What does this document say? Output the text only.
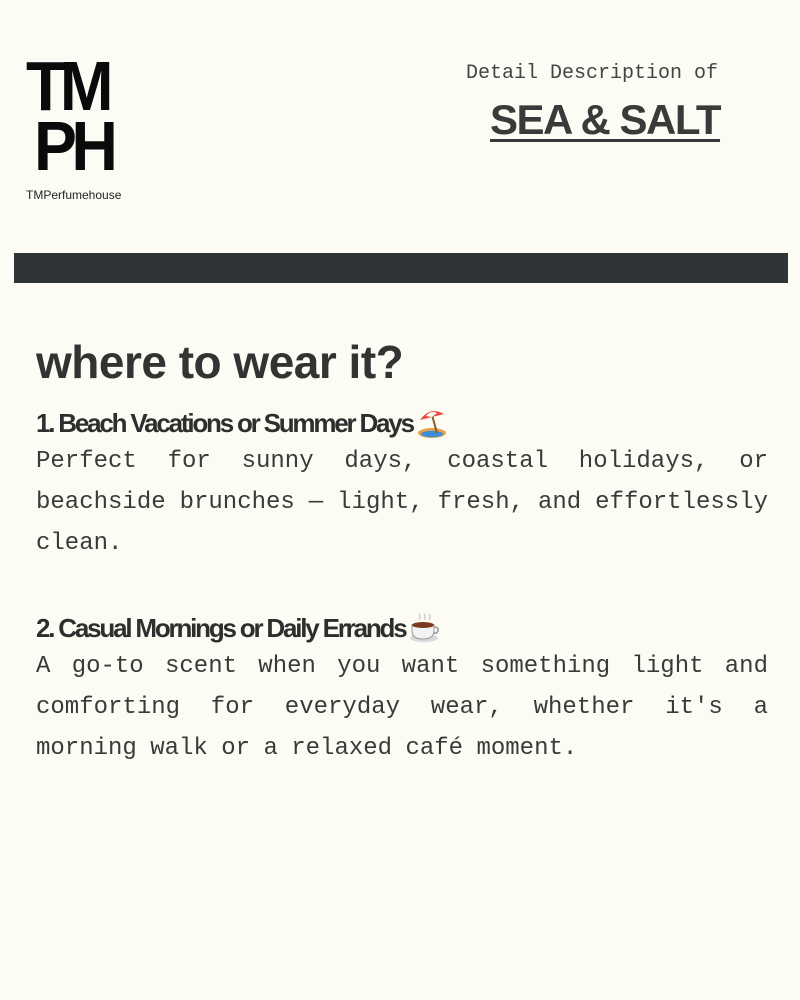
TM
PH
TMPerfumehouse
Detail Description of
SEA & SALT
where to wear it?
1. Beach Vacations or Summer Days
Perfect for sunny days, coastal holidays, or beachside brunches — light, fresh, and effortlessly clean.
2. Casual Mornings or Daily Errands
A go-to scent when you want something light and comforting for everyday wear, whether it's a morning walk or a relaxed café moment.
